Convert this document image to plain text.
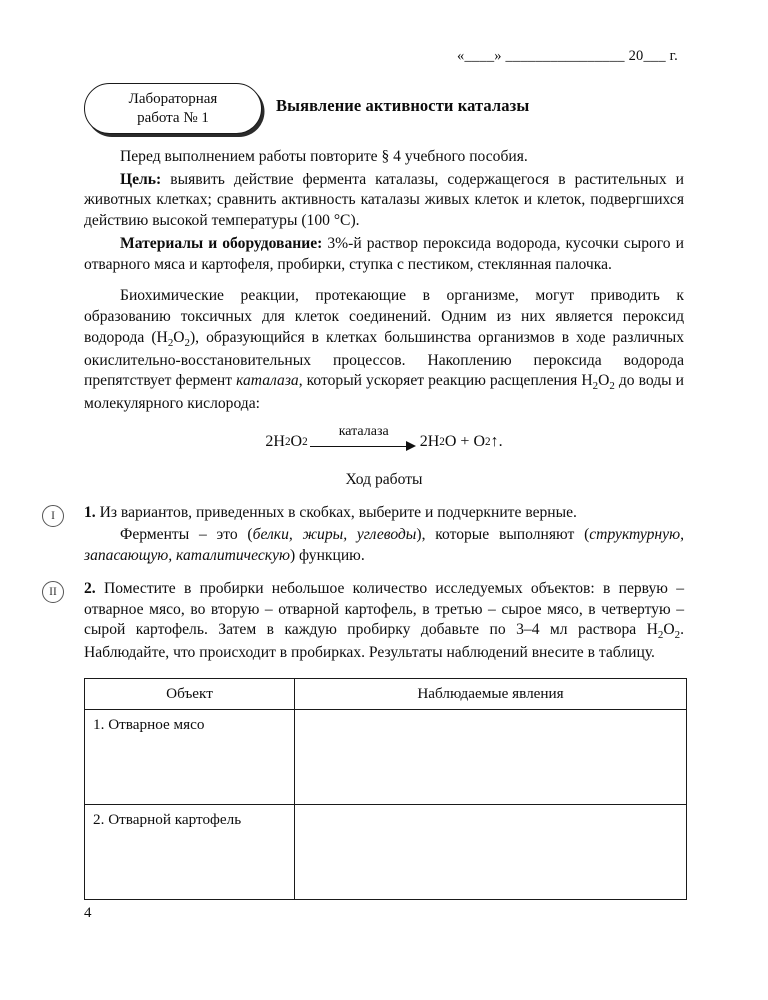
«____» ________________ 20___ г.
Лабораторная
работа № 1
Выявление активности каталазы

Перед выполнением работы повторите § 4 учебного пособия.

Цель: выявить действие фермента каталазы, содержащегося в растительных и животных клетках; сравнить активность каталазы живых клеток и клеток, подвергшихся действию высокой температуры (100 °С).

Материалы и оборудование: 3%-й раствор пероксида водорода, кусочки сырого и отварного мяса и картофеля, пробирки, ступка с пестиком, стеклянная палочка.

Биохимические реакции, протекающие в организме, могут приводить к образованию токсичных для клеток соединений. Одним из них является пероксид водорода $(H_2O_2)$, образующийся в клетках большинства организмов в ходе различных окислительно-восстановительных процессов. Накоплению пероксида водорода препятствует фермент каталаза, который ускоряет реакцию расщепления $H_2O_2$ до воды и молекулярного кислорода:

2H 2 O 2
каталаза
2H 2 O + O 2 ↑.
Ход работы
I	1. Из вариантов, приведенных в скобках, выберите и подчеркните верные.

Ферменты – это (белки, жиры, углеводы), которые выполняют (структурную, запасающую, каталитическую) функцию.

II	2. Поместите в пробирки небольшое количество исследуемых объектов: в первую – отварное мясо, во вторую – отварной картофель, в третью – сырое мясо, в четвертую – сырой картофель. Затем в каждую пробирку добавьте по 3–4 мл раствора $H_2O_2$. Наблюдайте, что происходит в пробирках. Результаты наблюдений внесите в таблицу.

Объект	Наблюдаемые явления
1. Отварное мясо	
2. Отварной картофель	
4
